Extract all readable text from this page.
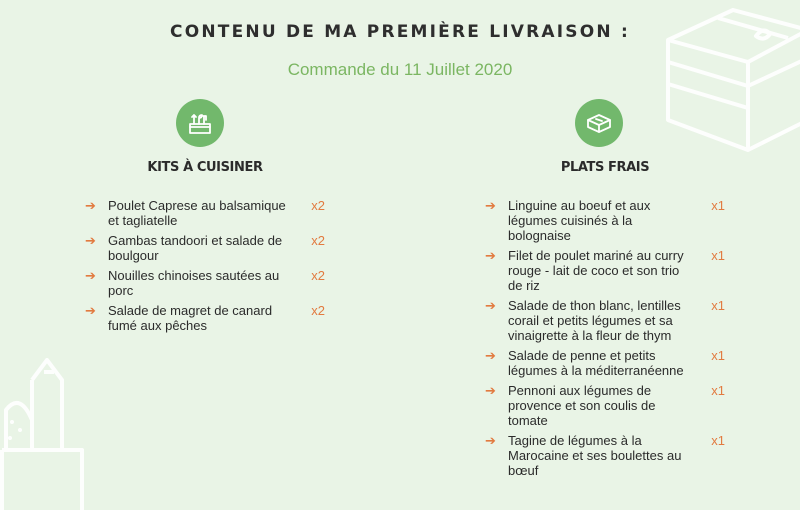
CONTENU DE MA PREMIÈRE LIVRAISON :
Commande du 11 Juillet 2020
KITS À CUISINER
➔ Poulet Caprese au balsamique et tagliatelle
x2
➔ Gambas tandoori et salade de boulgour
x2
➔ Nouilles chinoises sautées au porc
x2
➔ Salade de magret de canard fumé aux pêches
x2
PLATS FRAIS
➔ Linguine au boeuf et aux légumes cuisinés à la bolognaise
x1
➔ Filet de poulet mariné au curry rouge - lait de coco et son trio de riz
x1
➔ Salade de thon blanc, lentilles corail et petits légumes et sa vinaigrette à la fleur de thym
x1
➔ Salade de penne et petits légumes à la méditerranéenne
x1
➔ Pennoni aux légumes de provence et son coulis de tomate
x1
➔ Tagine de légumes à la Marocaine et ses boulettes au bœuf
x1
